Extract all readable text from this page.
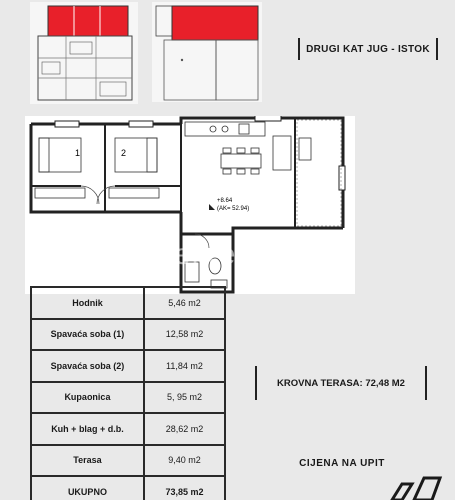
DRUGI KAT JUG - ISTOK
1	2
+8.64
(AK= 52.94)
Eksluziv Nekretnine ©
Hodnik	5,46 m2
Spavaća soba (1)	12,58 m2
Spavaća soba (2)	11,84 m2
Kupaonica	5, 95 m2
Kuh + blag + d.b.	28,62 m2
Terasa	9,40 m2
UKUPNO	73,85 m2
KROVNA TERASA: 72,48 M2
CIJENA NA UPIT
